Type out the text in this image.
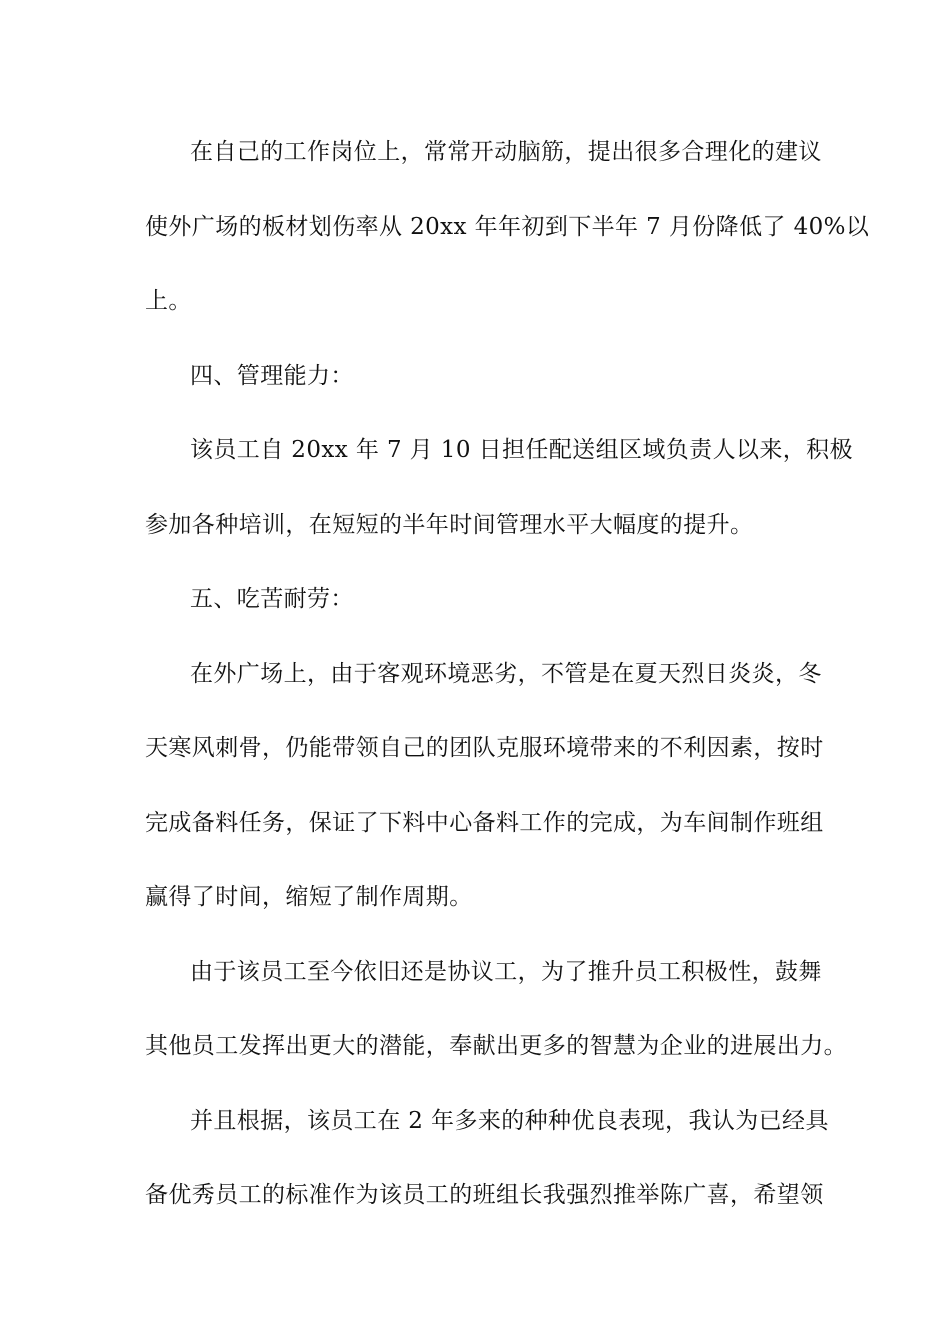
在自己的工作岗位上，常常开动脑筋，提出很多合理化的建议

使外广场的板材划伤率从 20xx 年年初到下半年 7 月份降低了 40%以

上。

四、管理能力：

该员工自 20xx 年 7 月 10 日担任配送组区域负责人以来，积极

参加各种培训，在短短的半年时间管理水平大幅度的提升。

五、吃苦耐劳：

在外广场上，由于客观环境恶劣，不管是在夏天烈日炎炎，冬

天寒风刺骨，仍能带领自己的团队克服环境带来的不利因素，按时

完成备料任务，保证了下料中心备料工作的完成，为车间制作班组

赢得了时间，缩短了制作周期。

由于该员工至今依旧还是协议工，为了推升员工积极性，鼓舞

其他员工发挥出更大的潜能，奉献出更多的智慧为企业的进展出力。

并且根据，该员工在 2 年多来的种种优良表现，我认为已经具

备优秀员工的标准作为该员工的班组长我强烈推举陈广喜，希望领
